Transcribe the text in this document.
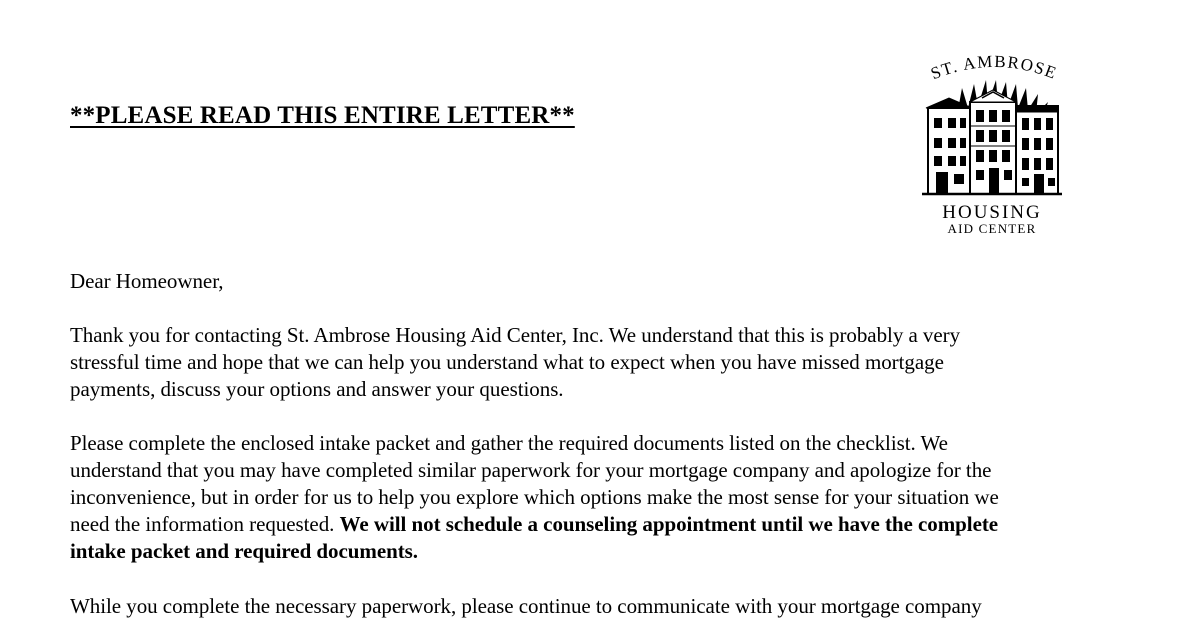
**PLEASE READ THIS ENTIRE LETTER**
ST. AMBROSE
HOUSING
AID CENTER

Dear Homeowner,

Thank you for contacting St. Ambrose Housing Aid Center, Inc. We understand that this is probably a very
stressful time and hope that we can help you understand what to expect when you have missed mortgage
payments, discuss your options and answer your questions.

Please complete the enclosed intake packet and gather the required documents listed on the checklist. We
understand that you may have completed similar paperwork for your mortgage company and apologize for the
inconvenience, but in order for us to help you explore which options make the most sense for your situation we
need the information requested. We will not schedule a counseling appointment until we have the complete
intake packet and required documents.

While you complete the necessary paperwork, please continue to communicate with your mortgage company
